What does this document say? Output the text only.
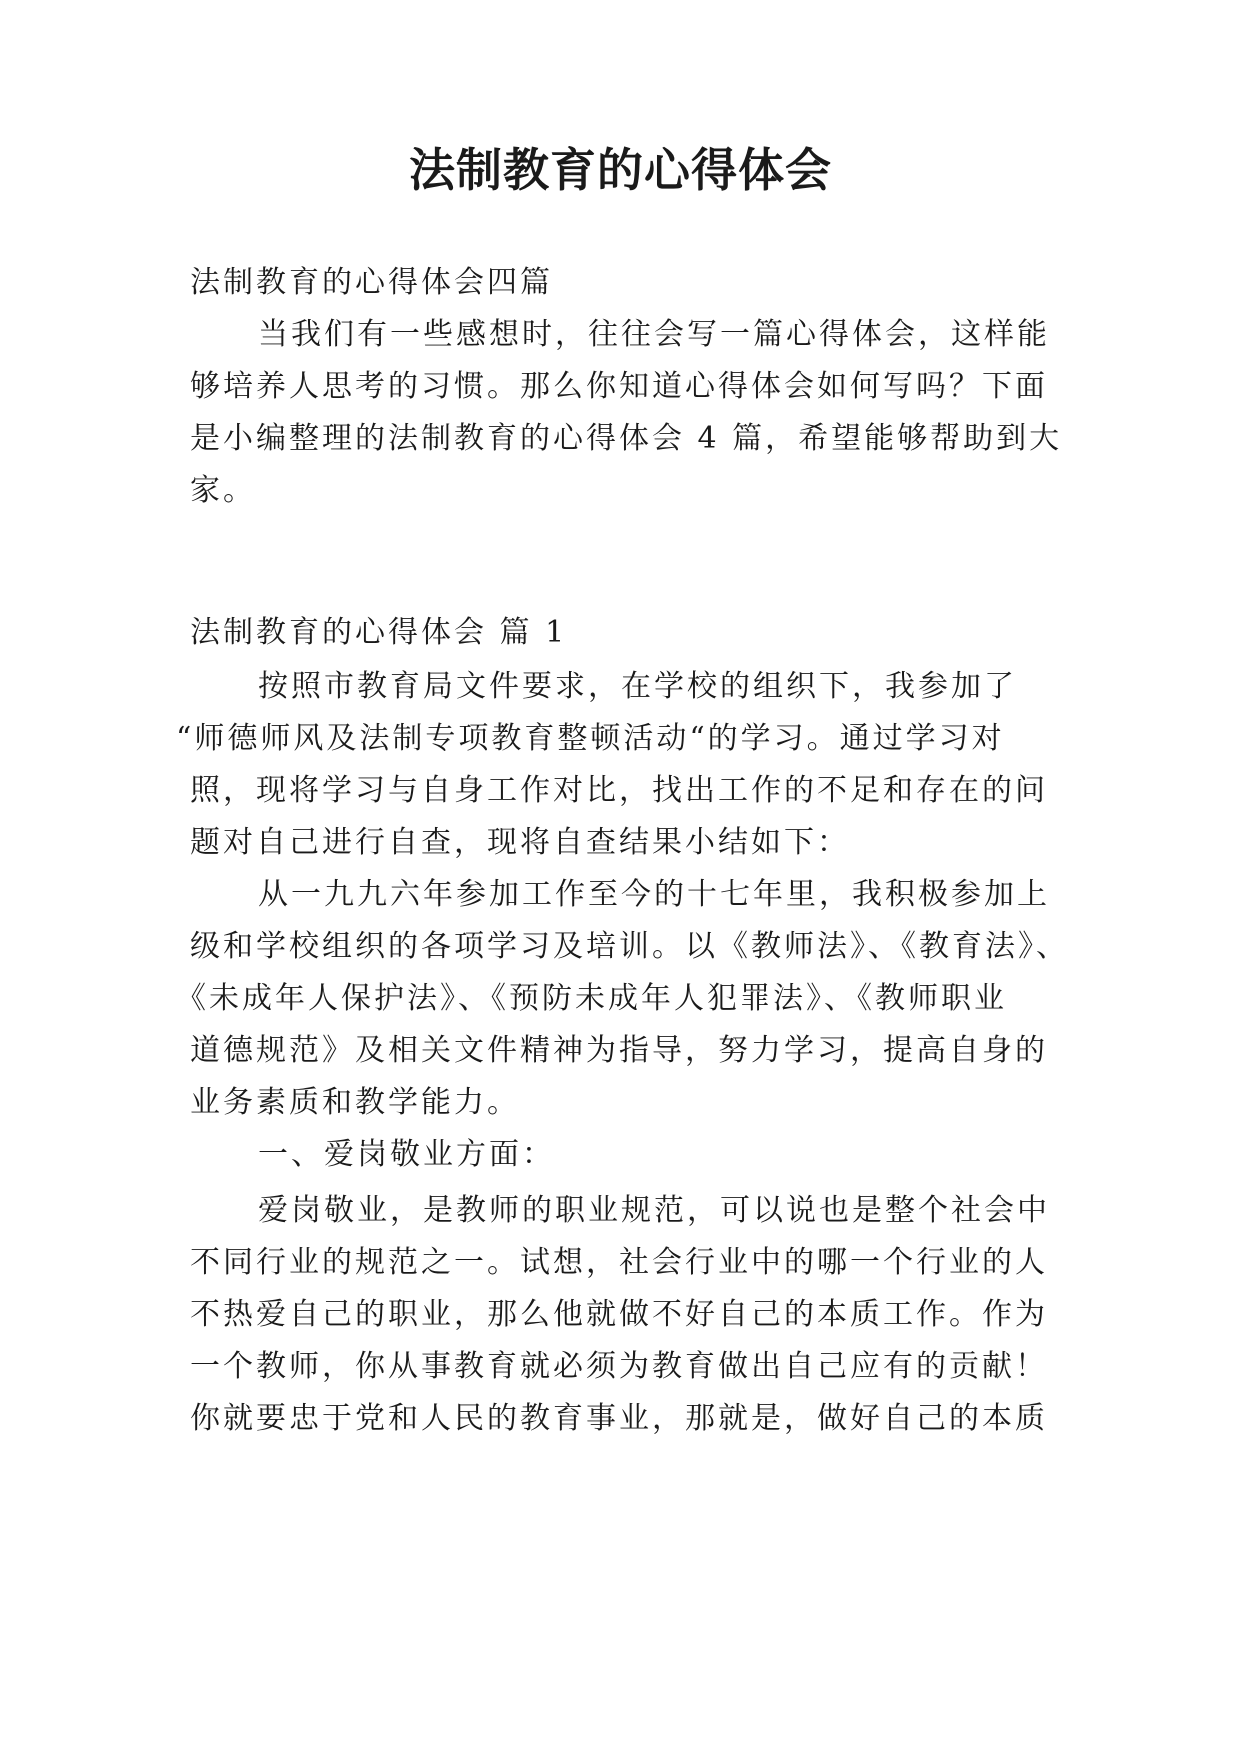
法制教育的心得体会
法制教育的心得体会四篇
当我们有一些感想时，往往会写一篇心得体会，这样能
够培养人思考的习惯。那么你知道心得体会如何写吗？下面
是小编整理的法制教育的心得体会 4 篇，希望能够帮助到大
家。
法制教育的心得体会 篇 1
按照市教育局文件要求，在学校的组织下，我参加了
“师德师风及法制专项教育整顿活动“的学习。通过学习对
照，现将学习与自身工作对比，找出工作的不足和存在的问
题对自己进行自查，现将自查结果小结如下：
从一九九六年参加工作至今的十七年里，我积极参加上
级和学校组织的各项学习及培训。以《教师法》、《教育法》、
《未成年人保护法》、《预防未成年人犯罪法》、《教师职业
道德规范》及相关文件精神为指导，努力学习，提高自身的
业务素质和教学能力。
一、爱岗敬业方面：
爱岗敬业，是教师的职业规范，可以说也是整个社会中
不同行业的规范之一。试想，社会行业中的哪一个行业的人
不热爱自己的职业，那么他就做不好自己的本质工作。作为
一个教师，你从事教育就必须为教育做出自己应有的贡献！
你就要忠于党和人民的教育事业，那就是，做好自己的本质
